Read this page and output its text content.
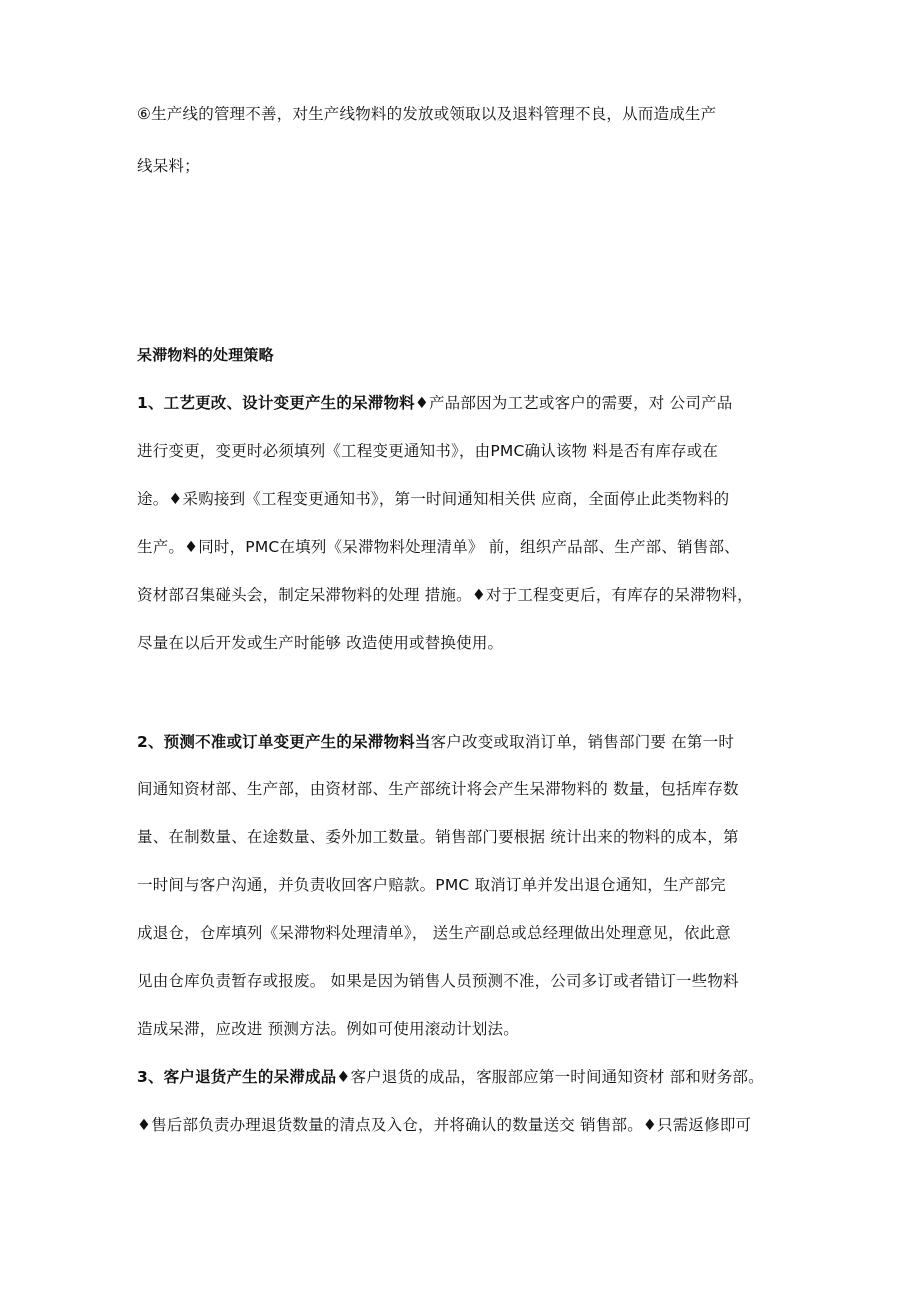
⑥生产线的管理不善，对生产线物料的发放或领取以及退料管理不良，从而造成生产
线呆料；
呆滞物料的处理策略
1、工艺更改、设计变更产生的呆滞物料♦产品部因为工艺或客户的需要，对 公司产品
进行变更，变更时必须填列《工程变更通知书》，由PMC确认该物 料是否有库存或在
途。♦采购接到《工程变更通知书》，第一时间通知相关供 应商，全面停止此类物料的
生产。♦同时，PMC在填列《呆滞物料处理清单》 前，组织产品部、生产部、销售部、
资材部召集碰头会，制定呆滞物料的处理 措施。♦对于工程变更后，有库存的呆滞物料，
尽量在以后开发或生产时能够 改造使用或替换使用。
2、预测不准或订单变更产生的呆滞物料当客户改变或取消订单，销售部门要 在第一时
间通知资材部、生产部，由资材部、生产部统计将会产生呆滞物料的 数量，包括库存数
量、在制数量、在途数量、委外加工数量。销售部门要根据 统计出来的物料的成本，第
一时间与客户沟通，并负责收回客户赔款。PMC 取消订单并发出退仓通知，生产部完
成退仓，仓库填列《呆滞物料处理清单》， 送生产副总或总经理做出处理意见，依此意
见由仓库负责暂存或报废。 如果是因为销售人员预测不准，公司多订或者错订一些物料
造成呆滞，应改进 预测方法。例如可使用滚动计划法。
3、客户退货产生的呆滞成品♦客户退货的成品，客服部应第一时间通知资材 部和财务部。
♦售后部负责办理退货数量的清点及入仓，并将确认的数量送交 销售部。♦只需返修即可
